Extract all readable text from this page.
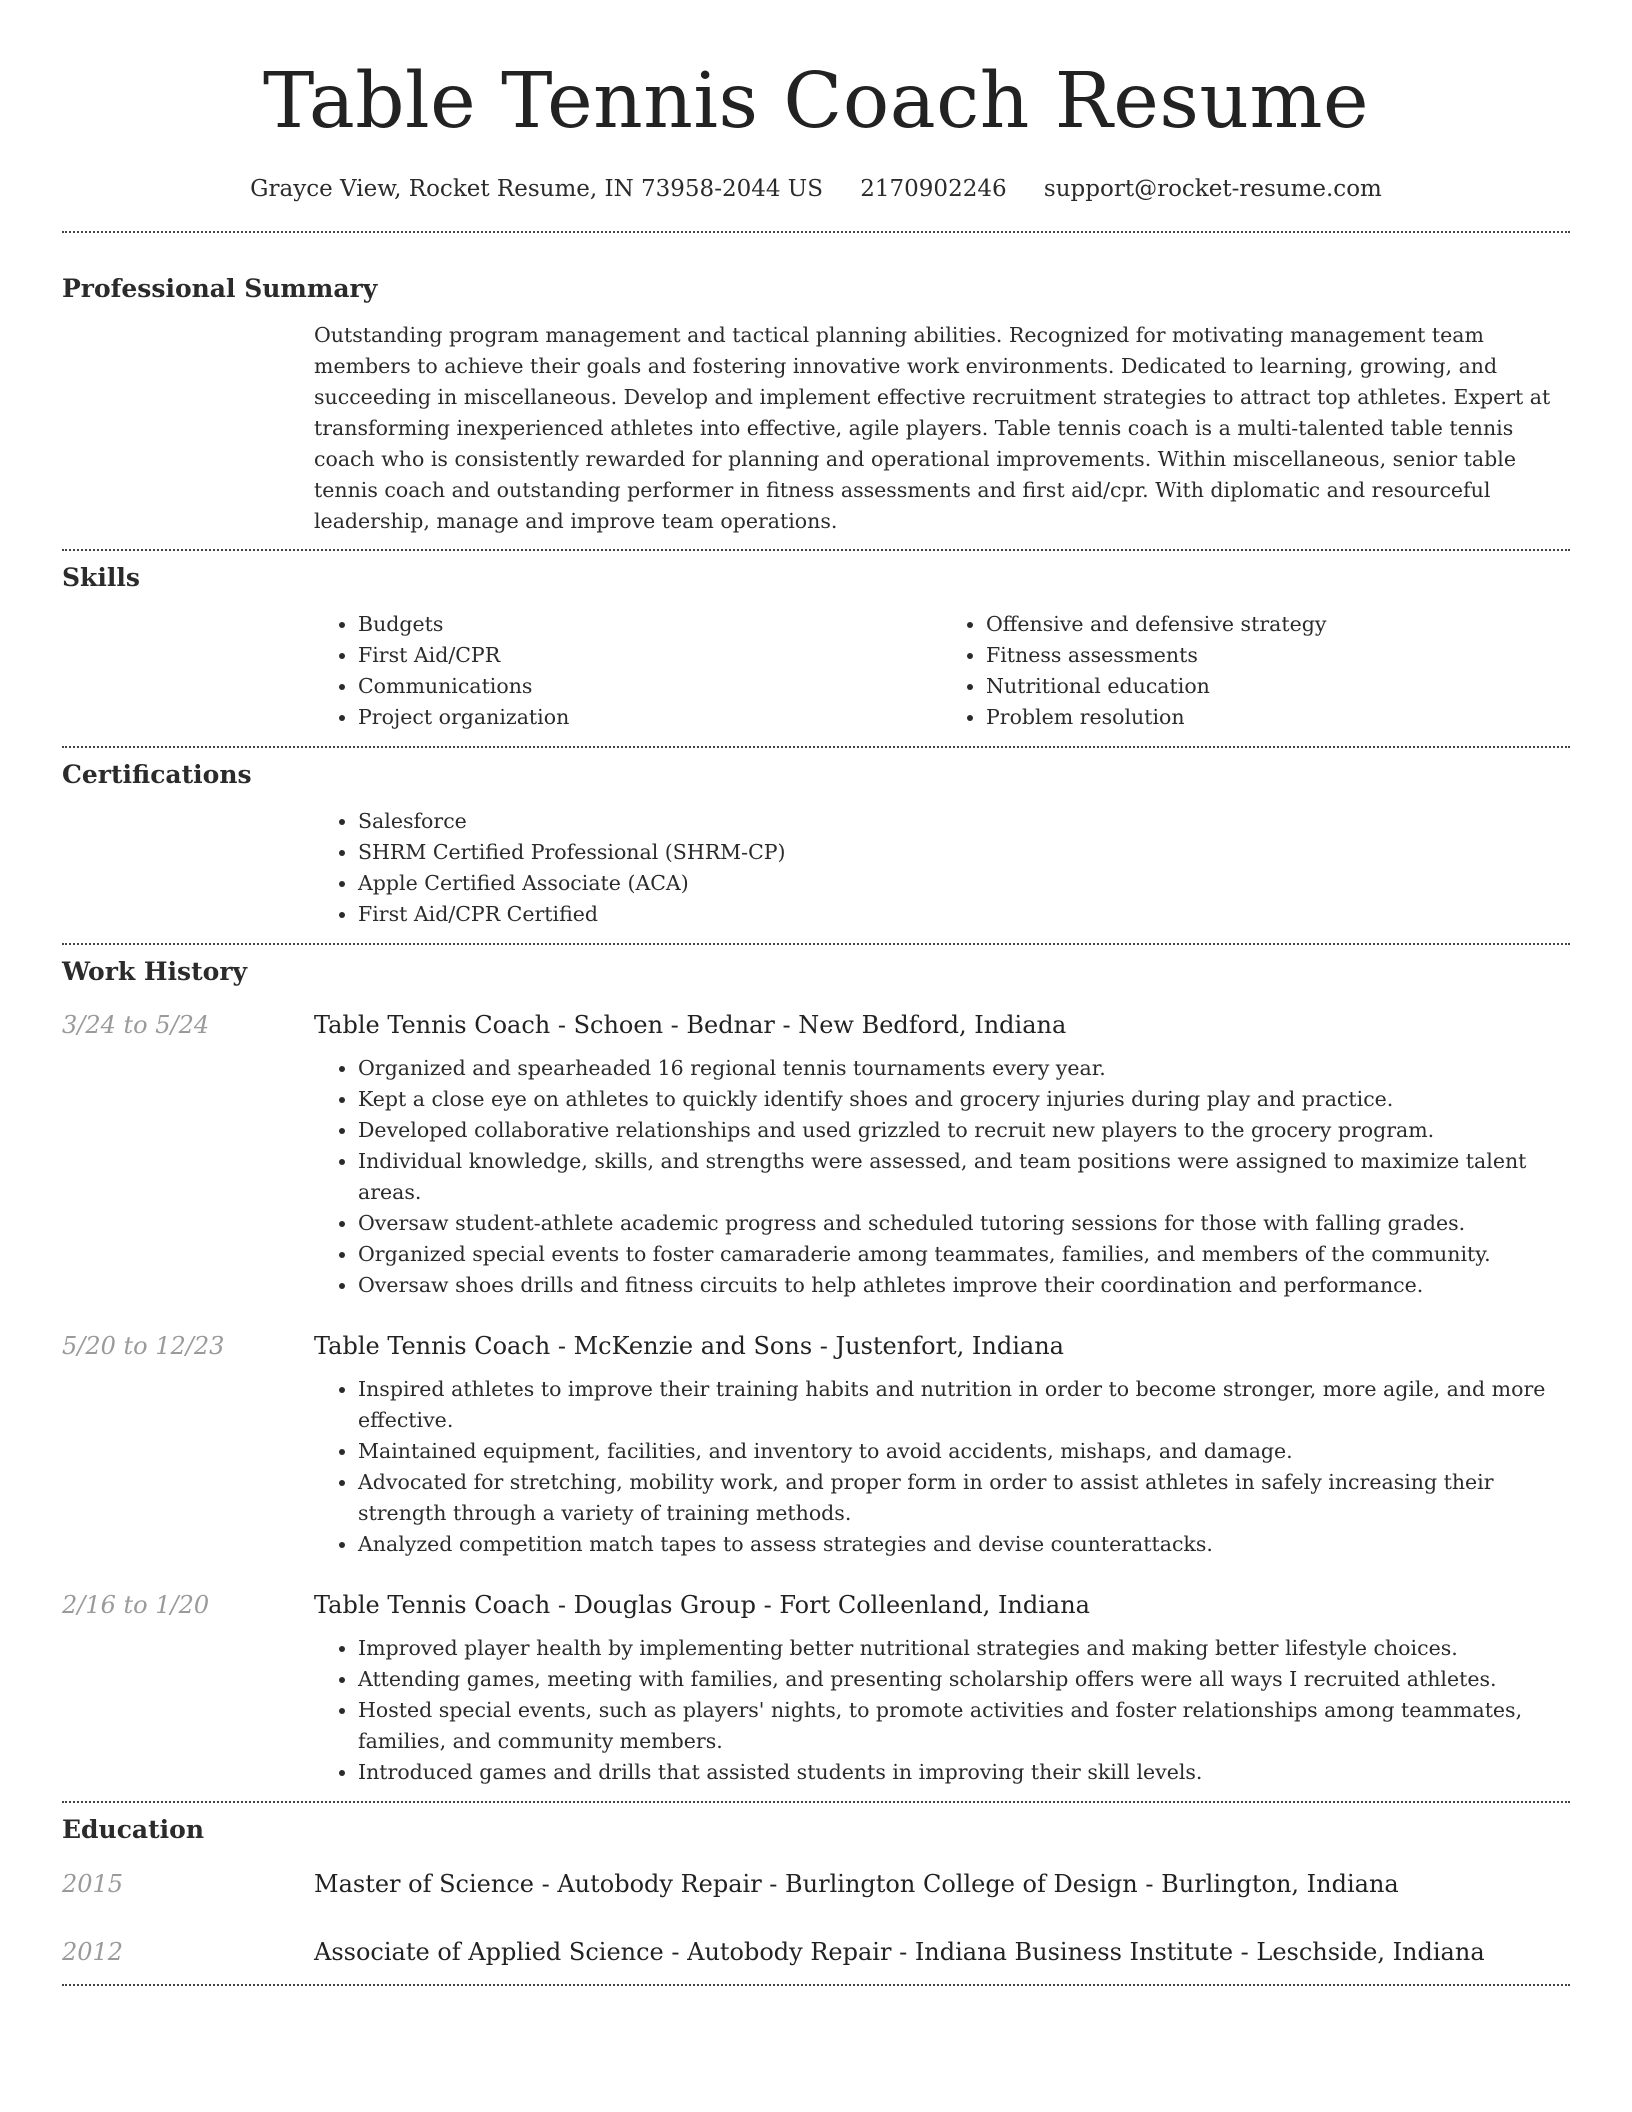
Table Tennis Coach Resume
Grayce View, Rocket Resume, IN 73958-2044 US 2170902246 support@rocket-resume.com
Professional Summary
Outstanding program management and tactical planning abilities. Recognized for motivating management team members to achieve their goals and fostering innovative work environments. Dedicated to learning, growing, and succeeding in miscellaneous. Develop and implement effective recruitment strategies to attract top athletes. Expert at transforming inexperienced athletes into effective, agile players. Table tennis coach is a multi-talented table tennis coach who is consistently rewarded for planning and operational improvements. Within miscellaneous, senior table tennis coach and outstanding performer in fitness assessments and first aid/cpr. With diplomatic and resourceful leadership, manage and improve team operations.
Skills
• Budgets
• First Aid/CPR
• Communications
• Project organization
• Offensive and defensive strategy
• Fitness assessments
• Nutritional education
• Problem resolution
Certifications
• Salesforce
• SHRM Certified Professional (SHRM-CP)
• Apple Certified Associate (ACA)
• First Aid/CPR Certified
Work History
3/24 to 5/24	Table Tennis Coach - Schoen - Bednar - New Bedford, Indiana
• Organized and spearheaded 16 regional tennis tournaments every year.
• Kept a close eye on athletes to quickly identify shoes and grocery injuries during play and practice.
• Developed collaborative relationships and used grizzled to recruit new players to the grocery program.
• Individual knowledge, skills, and strengths were assessed, and team positions were assigned to maximize talent areas.
• Oversaw student-athlete academic progress and scheduled tutoring sessions for those with falling grades.
• Organized special events to foster camaraderie among teammates, families, and members of the community.
• Oversaw shoes drills and fitness circuits to help athletes improve their coordination and performance.
5/20 to 12/23	Table Tennis Coach - McKenzie and Sons - Justenfort, Indiana
• Inspired athletes to improve their training habits and nutrition in order to become stronger, more agile, and more effective.
• Maintained equipment, facilities, and inventory to avoid accidents, mishaps, and damage.
• Advocated for stretching, mobility work, and proper form in order to assist athletes in safely increasing their strength through a variety of training methods.
• Analyzed competition match tapes to assess strategies and devise counterattacks.
2/16 to 1/20	Table Tennis Coach - Douglas Group - Fort Colleenland, Indiana
• Improved player health by implementing better nutritional strategies and making better lifestyle choices.
• Attending games, meeting with families, and presenting scholarship offers were all ways I recruited athletes.
• Hosted special events, such as players' nights, to promote activities and foster relationships among teammates, families, and community members.
• Introduced games and drills that assisted students in improving their skill levels.
Education
2015	Master of Science - Autobody Repair - Burlington College of Design - Burlington, Indiana
2012	Associate of Applied Science - Autobody Repair - Indiana Business Institute - Leschside, Indiana
